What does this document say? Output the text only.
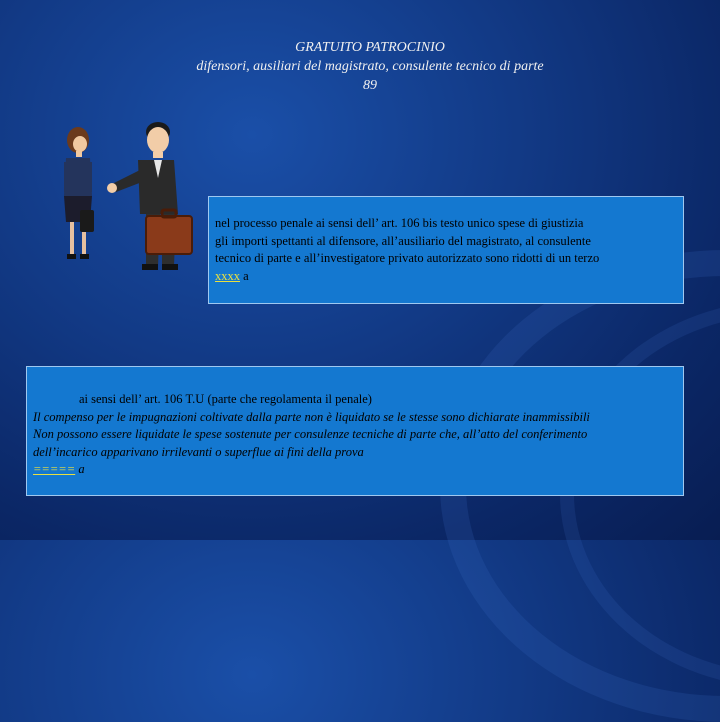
GRATUITO PATROCINIO
difensori, ausiliari del magistrato, consulente tecnico di parte
89
nel processo penale ai sensi dell’ art. 106 bis testo unico spese di giustizia
gli importi spettanti al difensore, all’ausiliario del magistrato, al consulente
tecnico di parte e all’investigatore privato autorizzato sono ridotti di un terzo
xxxx a
ai sensi dell’ art. 106 T.U (parte che regolamenta il penale)
Il compenso per le impugnazioni coltivate dalla parte non è liquidato se le stesse sono dichiarate inammissibili
Non possono essere liquidate le spese sostenute per consulenze tecniche di parte che, all’atto del conferimento
dell’incarico apparivano irrilevanti o superflue ai fini della prova
===== a
